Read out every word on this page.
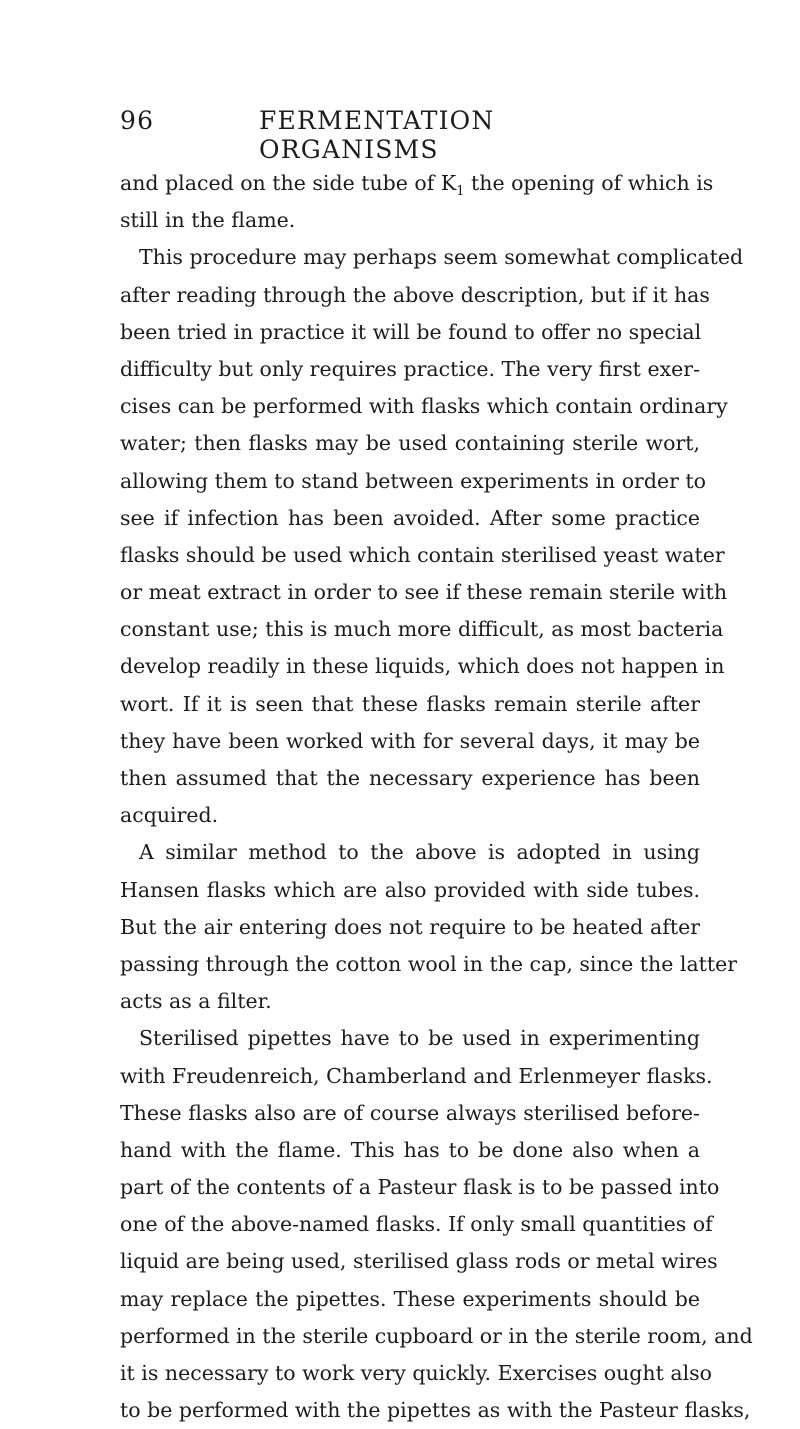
96	FERMENTATION ORGANISMS
and placed on the side tube of $K_1$ the opening of which is
still in the flame.
This procedure may perhaps seem somewhat complicated
after reading through the above description, but if it has
been tried in practice it will be found to offer no special
difficulty but only requires practice. The very first exer-
cises can be performed with flasks which contain ordinary
water; then flasks may be used containing sterile wort,
allowing them to stand between experiments in order to
see if infection has been avoided. After some practice
flasks should be used which contain sterilised yeast water
or meat extract in order to see if these remain sterile with
constant use; this is much more difficult, as most bacteria
develop readily in these liquids, which does not happen in
wort. If it is seen that these flasks remain sterile after
they have been worked with for several days, it may be
then assumed that the necessary experience has been
acquired.
A similar method to the above is adopted in using
Hansen flasks which are also provided with side tubes.
But the air entering does not require to be heated after
passing through the cotton wool in the cap, since the latter
acts as a filter.
Sterilised pipettes have to be used in experimenting
with Freudenreich, Chamberland and Erlenmeyer flasks.
These flasks also are of course always sterilised before-
hand with the flame. This has to be done also when a
part of the contents of a Pasteur flask is to be passed into
one of the above-named flasks. If only small quantities of
liquid are being used, sterilised glass rods or metal wires
may replace the pipettes. These experiments should be
performed in the sterile cupboard or in the sterile room, and
it is necessary to work very quickly. Exercises ought also
to be performed with the pipettes as with the Pasteur flasks,
